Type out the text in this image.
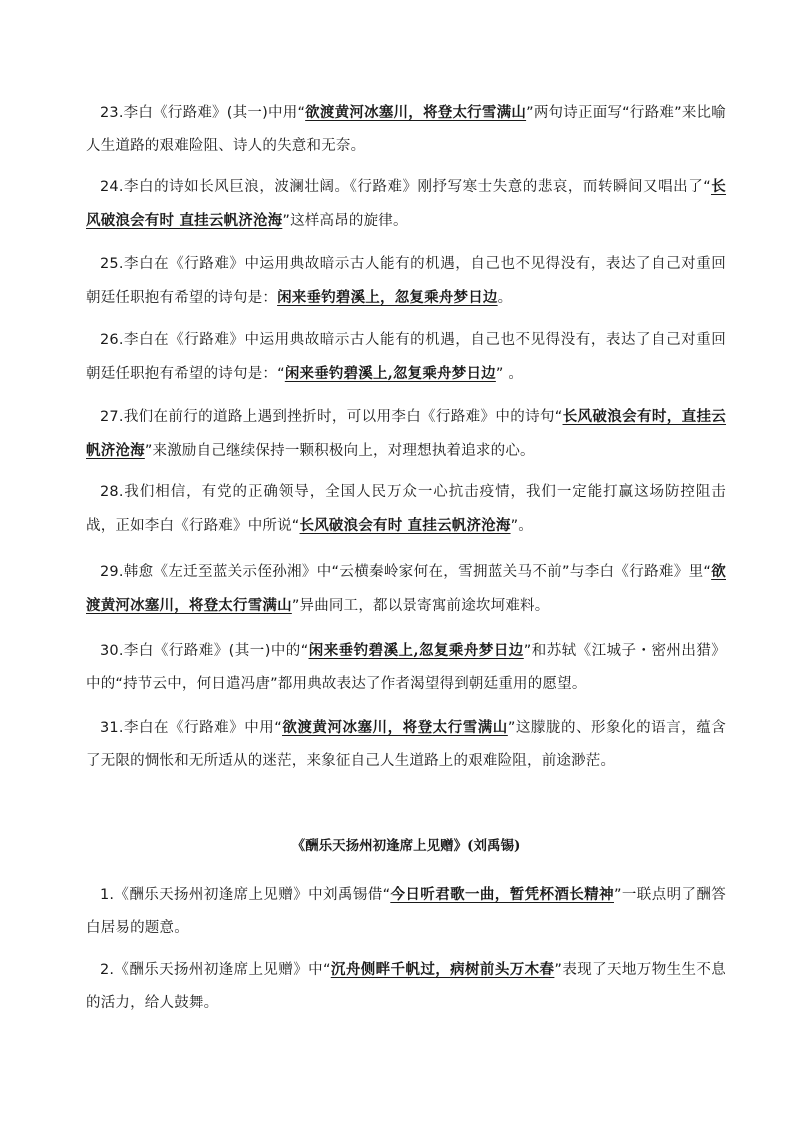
23.李白《行路难》(其一)中用“欲渡黄河冰塞川，将登太行雪满山”两句诗正面写“行路难”来比喻人生道路的艰难险阻、诗人的失意和无奈。

24.李白的诗如长风巨浪，波澜壮阔。《行路难》刚抒写寒士失意的悲哀，而转瞬间又唱出了“长风破浪会有时 直挂云帆济沧海”这样高昂的旋律。

25.李白在《行路难》中运用典故暗示古人能有的机遇，自己也不见得没有，表达了自己对重回朝廷任职抱有希望的诗句是：闲来垂钓碧溪上，忽复乘舟梦日边。

26.李白在《行路难》中运用典故暗示古人能有的机遇，自己也不见得没有，表达了自己对重回朝廷任职抱有希望的诗句是：“闲来垂钓碧溪上,忽复乘舟梦日边” 。

27.我们在前行的道路上遇到挫折时，可以用李白《行路难》中的诗句“长风破浪会有时，直挂云帆济沧海”来激励自己继续保持一颗积极向上，对理想执着追求的心。

28.我们相信，有党的正确领导，全国人民万众一心抗击疫情，我们一定能打赢这场防控阻击战，正如李白《行路难》中所说“长风破浪会有时 直挂云帆济沧海”。

29.韩愈《左迁至蓝关示侄孙湘》中“云横秦岭家何在，雪拥蓝关马不前”与李白《行路难》里“欲渡黄河冰塞川，将登太行雪满山”异曲同工，都以景寄寓前途坎坷难料。

30.李白《行路难》(其一)中的“闲来垂钓碧溪上,忽复乘舟梦日边”和苏轼《江城子・密州出猎》中的“持节云中，何日遣冯唐”都用典故表达了作者渴望得到朝廷重用的愿望。

31.李白在《行路难》中用“欲渡黄河冰塞川，将登太行雪满山”这朦胧的、形象化的语言，蕴含了无限的惆怅和无所适从的迷茫，来象征自己人生道路上的艰难险阻，前途渺茫。

《酬乐天扬州初逢席上见赠》(刘禹锡)

1.《酬乐天扬州初逢席上见赠》中刘禹锡借“今日听君歌一曲，暂凭杯酒长精神”一联点明了酬答白居易的题意。

2.《酬乐天扬州初逢席上见赠》中“沉舟侧畔千帆过，病树前头万木春”表现了天地万物生生不息的活力，给人鼓舞。
